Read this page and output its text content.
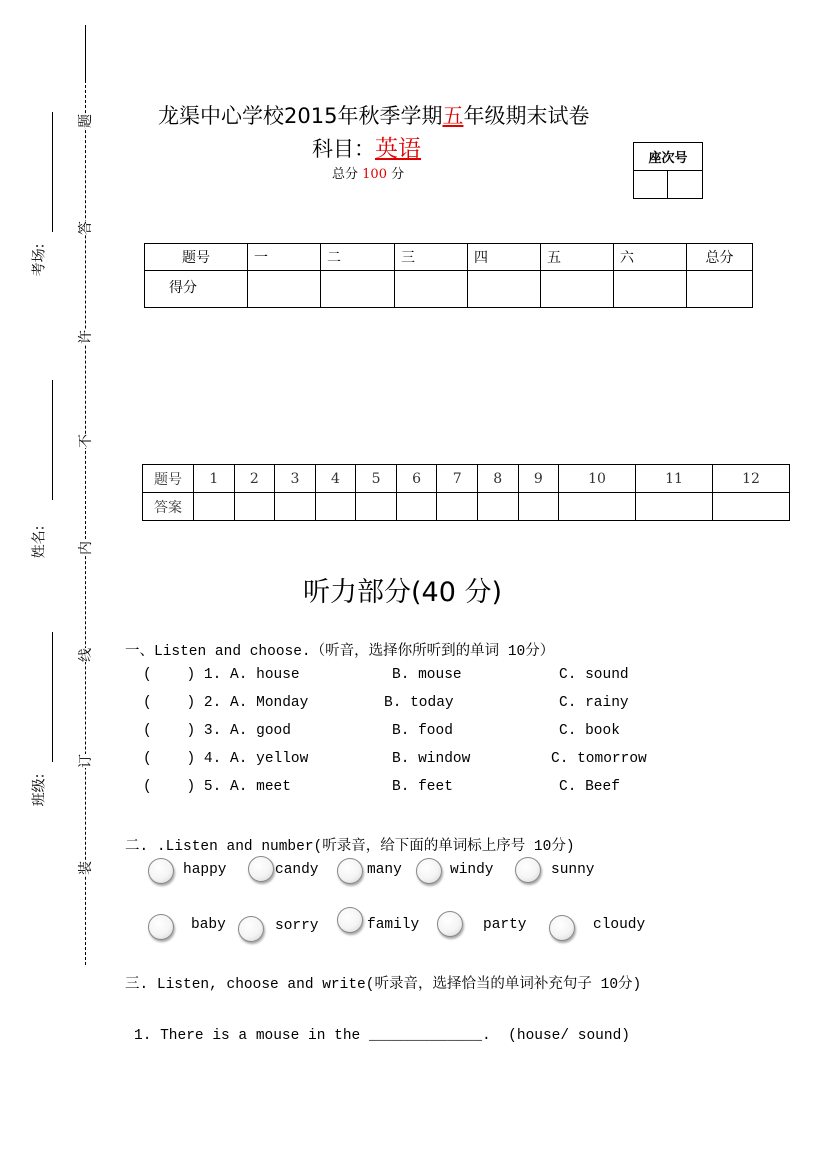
题
答
许
不
内
线
订
装
考场:
姓名:
班级:
龙渠中心学校2015年秋季学期五年级期末试卷
科目：英语
总分 100 分
座次号

题号	一	二	三	四	五	六	总分
得分							
题号	1	2	3	4	5	6	7	8	9	10	11	12
答案												
听力部分(40 分)
一、Listen and choose.（听音，选择你所听到的单词 10分）
(    ) 1. A. house	B. mouse	C. sound
(    ) 2. A. Monday	B. today	C. rainy
(    ) 3. A. good	B. food	C. book
(    ) 4. A. yellow	B. window	C. tomorrow
(    ) 5. A. meet	B. feet	C. Beef
二. .Listen and number(听录音，给下面的单词标上序号 10分)
happy	candy	many	windy	sunny
baby	sorry	family	party	cloudy
三. Listen, choose and write(听录音，选择恰当的单词补充句子 10分)
1. There is a mouse in the _____________.  (house/ sound)
